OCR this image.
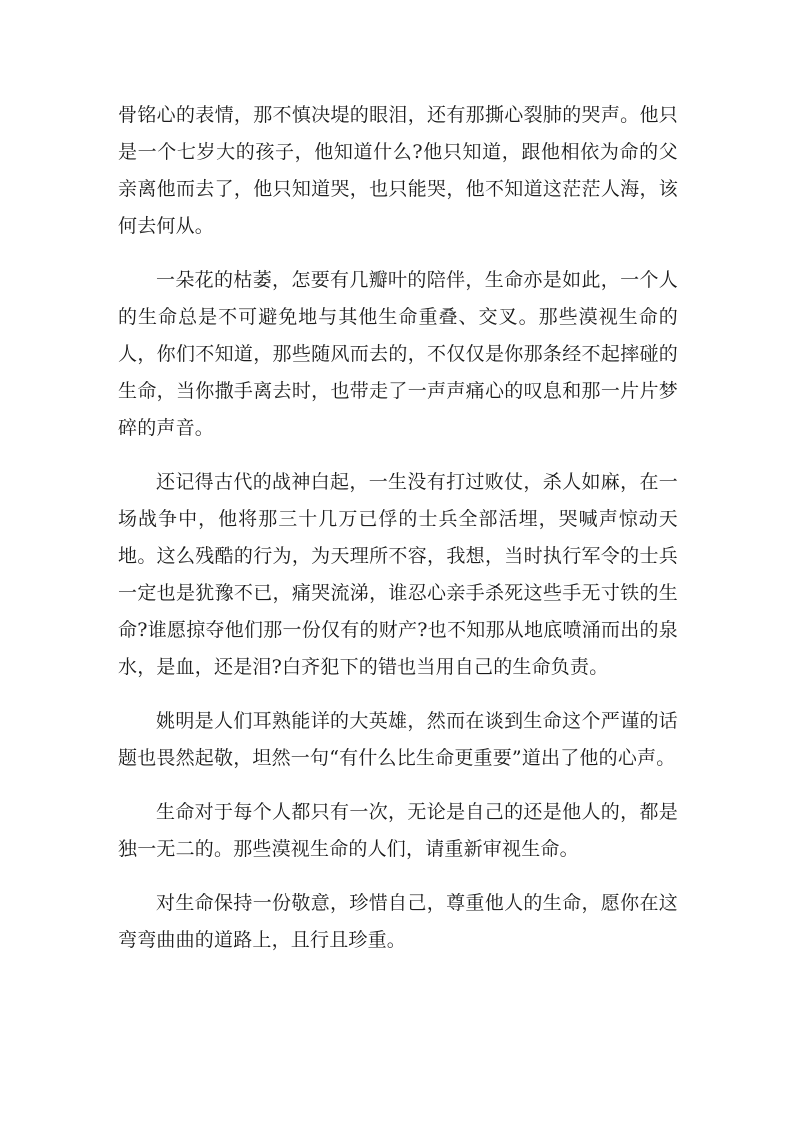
骨铭心的表情，那不慎决堤的眼泪，还有那撕心裂肺的哭声。他只是一个七岁大的孩子，他知道什么?他只知道，跟他相依为命的父亲离他而去了，他只知道哭，也只能哭，他不知道这茫茫人海，该何去何从。

一朵花的枯萎，怎要有几瓣叶的陪伴，生命亦是如此，一个人的生命总是不可避免地与其他生命重叠、交叉。那些漠视生命的人，你们不知道，那些随风而去的，不仅仅是你那条经不起摔碰的生命，当你撒手离去时，也带走了一声声痛心的叹息和那一片片梦碎的声音。

还记得古代的战神白起，一生没有打过败仗，杀人如麻，在一场战争中，他将那三十几万已俘的士兵全部活埋，哭喊声惊动天地。这么残酷的行为，为天理所不容，我想，当时执行军令的士兵一定也是犹豫不已，痛哭流涕，谁忍心亲手杀死这些手无寸铁的生命?谁愿掠夺他们那一份仅有的财产?也不知那从地底喷涌而出的泉水，是血，还是泪?白齐犯下的错也当用自己的生命负责。

姚明是人们耳熟能详的大英雄，然而在谈到生命这个严谨的话题也畏然起敬，坦然一句“有什么比生命更重要”道出了他的心声。

生命对于每个人都只有一次，无论是自己的还是他人的，都是独一无二的。那些漠视生命的人们，请重新审视生命。

对生命保持一份敬意，珍惜自己，尊重他人的生命，愿你在这弯弯曲曲的道路上，且行且珍重。
